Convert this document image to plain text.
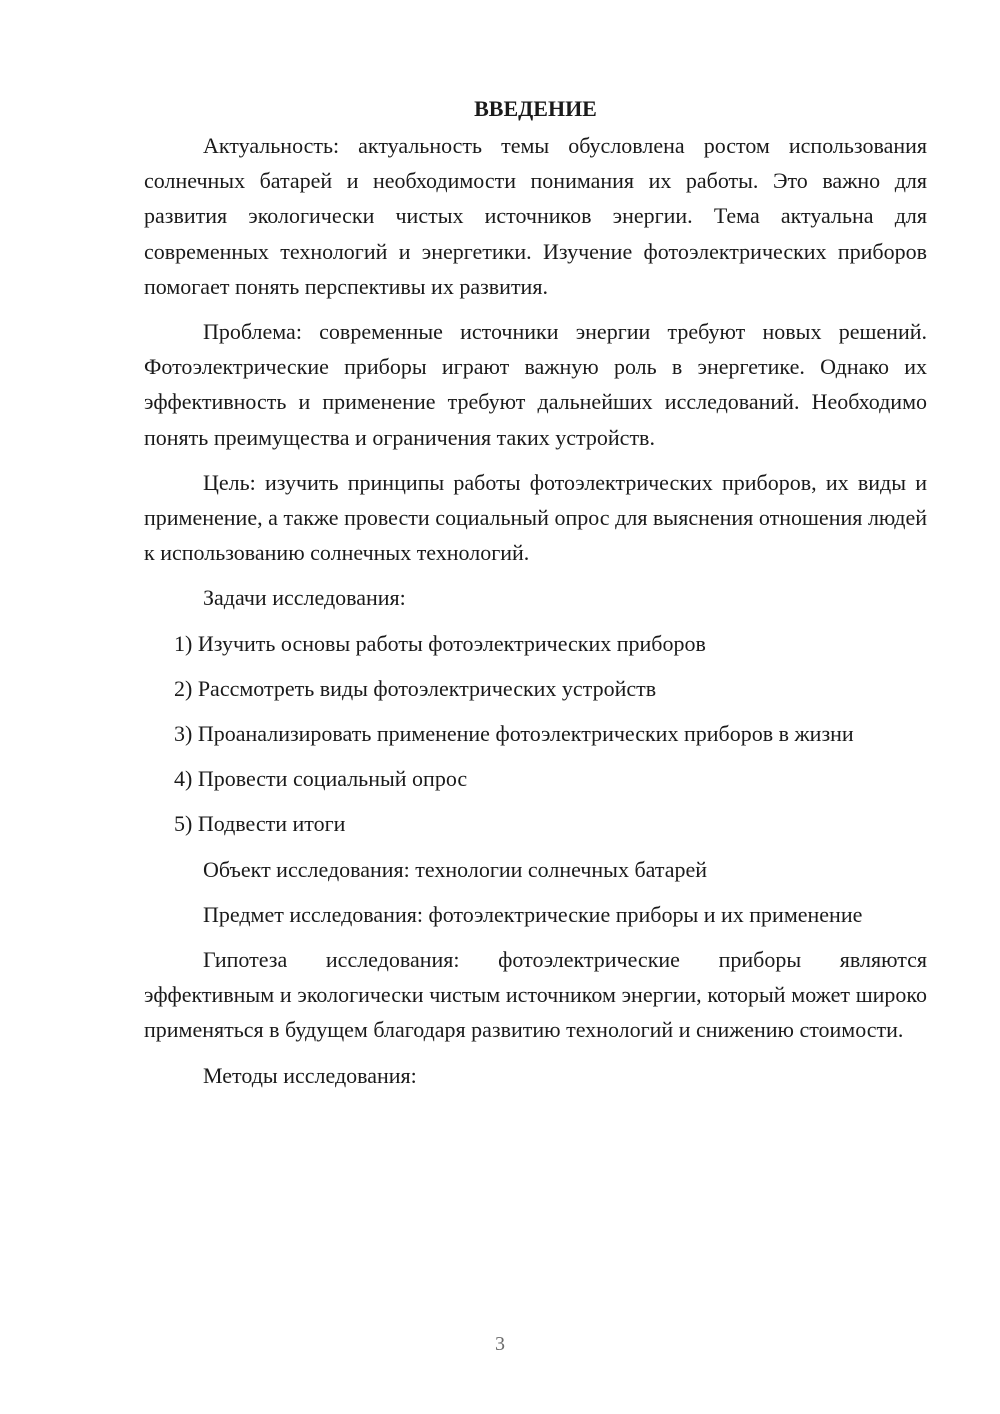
ВВЕДЕНИЕ

Актуальность: актуальность темы обусловлена ростом использования солнечных батарей и необходимости понимания их работы. Это важно для развития экологически чистых источников энергии. Тема актуальна для современных технологий и энергетики. Изучение фотоэлектрических приборов помогает понять перспективы их развития.

Проблема: современные источники энергии требуют новых решений. Фотоэлектрические приборы играют важную роль в энергетике. Однако их эффективность и применение требуют дальнейших исследований. Необходимо понять преимущества и ограничения таких устройств.

Цель: изучить принципы работы фотоэлектрических приборов, их виды и применение, а также провести социальный опрос для выяснения отношения людей к использованию солнечных технологий.

Задачи исследования:

1) Изучить основы работы фотоэлектрических приборов

2) Рассмотреть виды фотоэлектрических устройств

3) Проанализировать применение фотоэлектрических приборов в жизни

4) Провести социальный опрос

5) Подвести итоги

Объект исследования: технологии солнечных батарей

Предмет исследования: фотоэлектрические приборы и их применение

Гипотеза исследования: фотоэлектрические приборы являются эффективным и экологически чистым источником энергии, который может широко применяться в будущем благодаря развитию технологий и снижению стоимости.

Методы исследования:

3
